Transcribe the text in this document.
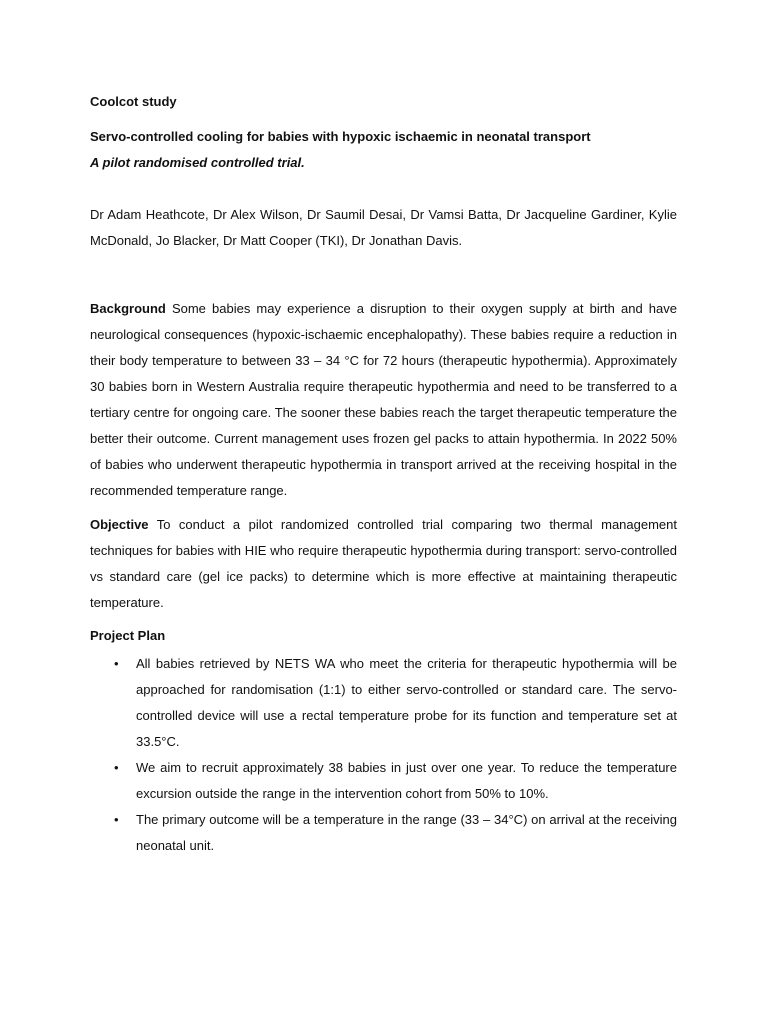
Coolcot study
Servo-controlled cooling for babies with hypoxic ischaemic in neonatal transport
A pilot randomised controlled trial.
Dr Adam Heathcote, Dr Alex Wilson, Dr Saumil Desai, Dr Vamsi Batta, Dr Jacqueline Gardiner, Kylie McDonald, Jo Blacker, Dr Matt Cooper (TKI), Dr Jonathan Davis.
Background Some babies may experience a disruption to their oxygen supply at birth and have neurological consequences (hypoxic-ischaemic encephalopathy). These babies require a reduction in their body temperature to between 33 – 34 °C for 72 hours (therapeutic hypothermia). Approximately 30 babies born in Western Australia require therapeutic hypothermia and need to be transferred to a tertiary centre for ongoing care. The sooner these babies reach the target therapeutic temperature the better their outcome. Current management uses frozen gel packs to attain hypothermia. In 2022 50% of babies who underwent therapeutic hypothermia in transport arrived at the receiving hospital in the recommended temperature range.
Objective To conduct a pilot randomized controlled trial comparing two thermal management techniques for babies with HIE who require therapeutic hypothermia during transport: servo-controlled vs standard care (gel ice packs) to determine which is more effective at maintaining therapeutic temperature.
Project Plan
• All babies retrieved by NETS WA who meet the criteria for therapeutic hypothermia will be approached for randomisation (1:1) to either servo-controlled or standard care. The servo-controlled device will use a rectal temperature probe for its function and temperature set at 33.5°C.
• We aim to recruit approximately 38 babies in just over one year. To reduce the temperature excursion outside the range in the intervention cohort from 50% to 10%.
• The primary outcome will be a temperature in the range (33 – 34°C) on arrival at the receiving neonatal unit.
